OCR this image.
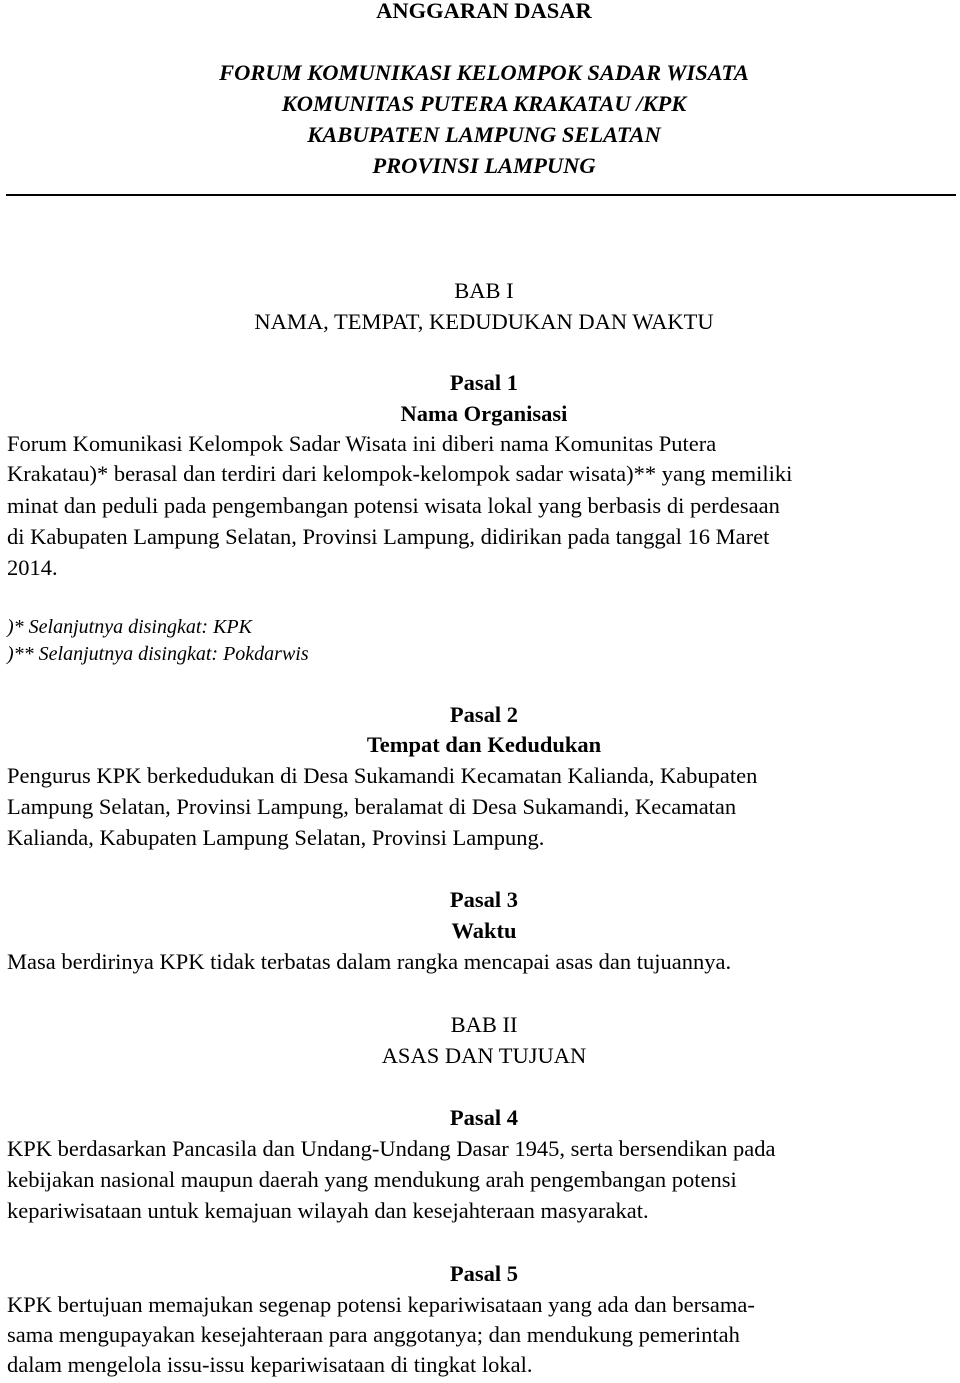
ANGGARAN DASAR
FORUM KOMUNIKASI KELOMPOK SADAR WISATA
KOMUNITAS PUTERA KRAKATAU /KPK
KABUPATEN LAMPUNG SELATAN
PROVINSI LAMPUNG
BAB I
NAMA, TEMPAT, KEDUDUKAN DAN WAKTU
Pasal 1
Nama Organisasi
Forum Komunikasi Kelompok Sadar Wisata ini diberi nama Komunitas Putera
Krakatau)* berasal dan terdiri dari kelompok-kelompok sadar wisata)** yang memiliki
minat dan peduli pada pengembangan potensi wisata lokal yang berbasis di perdesaan
di Kabupaten Lampung Selatan, Provinsi Lampung, didirikan pada tanggal 16 Maret
2014.
)* Selanjutnya disingkat: KPK
)** Selanjutnya disingkat: Pokdarwis
Pasal 2
Tempat dan Kedudukan
Pengurus KPK berkedudukan di Desa Sukamandi Kecamatan Kalianda, Kabupaten
Lampung Selatan, Provinsi Lampung, beralamat di Desa Sukamandi, Kecamatan
Kalianda, Kabupaten Lampung Selatan, Provinsi Lampung.
Pasal 3
Waktu
Masa berdirinya KPK tidak terbatas dalam rangka mencapai asas dan tujuannya.
BAB II
ASAS DAN TUJUAN
Pasal 4
KPK berdasarkan Pancasila dan Undang-Undang Dasar 1945, serta bersendikan pada
kebijakan nasional maupun daerah yang mendukung arah pengembangan potensi
kepariwisataan untuk kemajuan wilayah dan kesejahteraan masyarakat.
Pasal 5
KPK bertujuan memajukan segenap potensi kepariwisataan yang ada dan bersama-
sama mengupayakan kesejahteraan para anggotanya; dan mendukung pemerintah
dalam mengelola issu-issu kepariwisataan di tingkat lokal.
